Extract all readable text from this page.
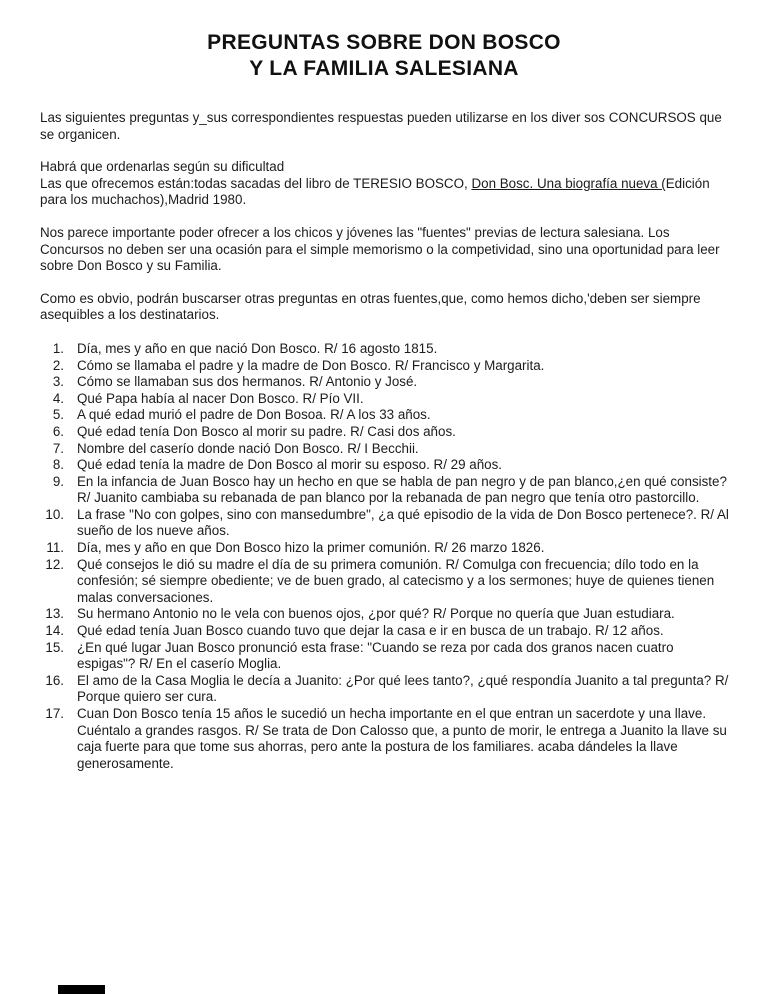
PREGUNTAS SOBRE DON BOSCO
Y LA FAMILIA SALESIANA

Las siguientes preguntas y_sus correspondientes respuestas pueden utilizarse en los diver sos CONCURSOS que se organicen.

Habrá que ordenarlas según su dificultad
Las que ofrecemos están:todas sacadas del libro de TERESIO BOSCO, Don Bosc. Una biografía nueva (Edición para los muchachos),Madrid 1980.

Nos parece importante poder ofrecer a los chicos y jóvenes las "fuentes" previas de lectura salesiana. Los Concursos no deben ser una ocasión para el simple memorismo o la competividad, sino una oportunidad para leer sobre Don Bosco y su Familia.

Como es obvio, podrán buscarser otras preguntas en otras fuentes,que, como hemos dicho,'deben ser siempre asequibles a los destinatarios.

1. Día, mes y año en que nació Don Bosco. R/ 16 agosto 1815.
2. Cómo se llamaba el padre y la madre de Don Bosco. R/ Francisco y Margarita.
3. Cómo se llamaban sus dos hermanos. R/ Antonio y José.
4. Qué Papa había al nacer Don Bosco. R/ Pío VII.
5. A qué edad murió el padre de Don Bosoa. R/ A los 33 años.
6. Qué edad tenía Don Bosco al morir su padre. R/ Casi dos años.
7. Nombre del caserío donde nació Don Bosco. R/ I Becchii.
8. Qué edad tenía la madre de Don Bosco al morir su esposo. R/ 29 años.
9. En la infancia de Juan Bosco hay un hecho en que se habla de pan negro y de pan blanco,¿en qué consiste? R/ Juanito cambiaba su rebanada de pan blanco por la rebanada de pan negro que tenía otro pastorcillo.
10. La frase "No con golpes, sino con mansedumbre", ¿a qué episodio de la vida de Don Bosco pertenece?. R/ Al sueño de los nueve años.
11. Día, mes y año en que Don Bosco hizo la primer comunión. R/ 26 marzo 1826.
12. Qué consejos le dió su madre el día de su primera comunión. R/ Comulga con frecuencia; dílo todo en la confesión; sé siempre obediente; ve de buen grado, al catecismo y a los sermones; huye de quienes tienen malas conversaciones.
13. Su hermano Antonio no le vela con buenos ojos, ¿por qué? R/ Porque no quería que Juan estudiara.
14. Qué edad tenía Juan Bosco cuando tuvo que dejar la casa e ir en busca de un trabajo. R/ 12 años.
15. ¿En qué lugar Juan Bosco pronunció esta frase: "Cuando se reza por cada dos granos nacen cuatro espigas"? R/ En el caserío Moglia.
16. El amo de la Casa Moglia le decía a Juanito: ¿Por qué lees tanto?, ¿qué respondía Juanito a tal pregunta? R/ Porque quiero ser cura.
17. Cuan Don Bosco tenía 15 años le sucedió un hecha importante en el que entran un sacerdote y una llave. Cuéntalo a grandes rasgos. R/ Se trata de Don Calosso que, a punto de morir, le entrega a Juanito la llave su caja fuerte para que tome sus ahorras, pero ante la postura de los familiares. acaba dándeles la llave generosamente.
